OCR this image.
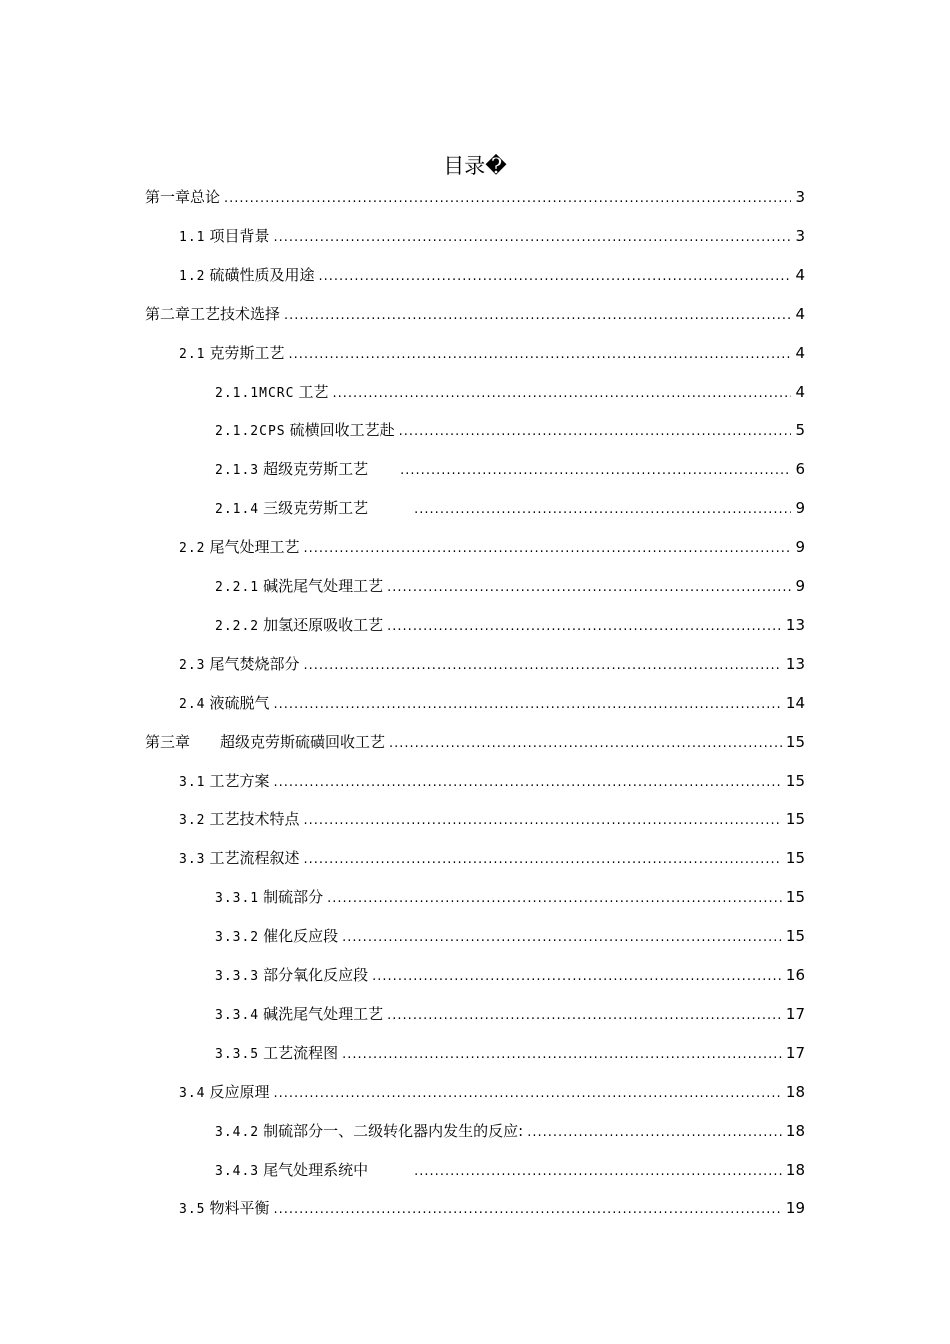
目录�
第一章总论 .....	3
1.1 项目背景 .....	3
1.2 硫磺性质及用途 .....	4
第二章工艺技术选择 .....	4
2.1 克劳斯工艺 .....	4
2.1.1MCRC 工艺 .....	4
2.1.2CPS 硫横回收工艺赴 .....	5
2.1.3 超级克劳斯工艺 .....	6
2.1.4 三级克劳斯工艺 .....	9
2.2 尾气处理工艺 .....	9
2.2.1 碱洗尾气处理工艺 .....	9
2.2.2 加氢还原吸收工艺 .....	13
2.3 尾气焚烧部分 .....	13
2.4 液硫脱气 .....	14
第三章　　超级克劳斯硫磺回收工艺 .....	15
3.1 工艺方案 .....	15
3.2 工艺技术特点 .....	15
3.3 工艺流程叙述 .....	15
3.3.1 制硫部分 .....	15
3.3.2 催化反应段 .....	15
3.3.3 部分氧化反应段 .....	16
3.3.4 碱洗尾气处理工艺 .....	17
3.3.5 工艺流程图 .....	17
3.4 反应原理 .....	18
3.4.2 制硫部分一、二级转化器内发生的反应: .....	18
3.4.3 尾气处理系统中 .....	18
3.5 物料平衡 .....	19
